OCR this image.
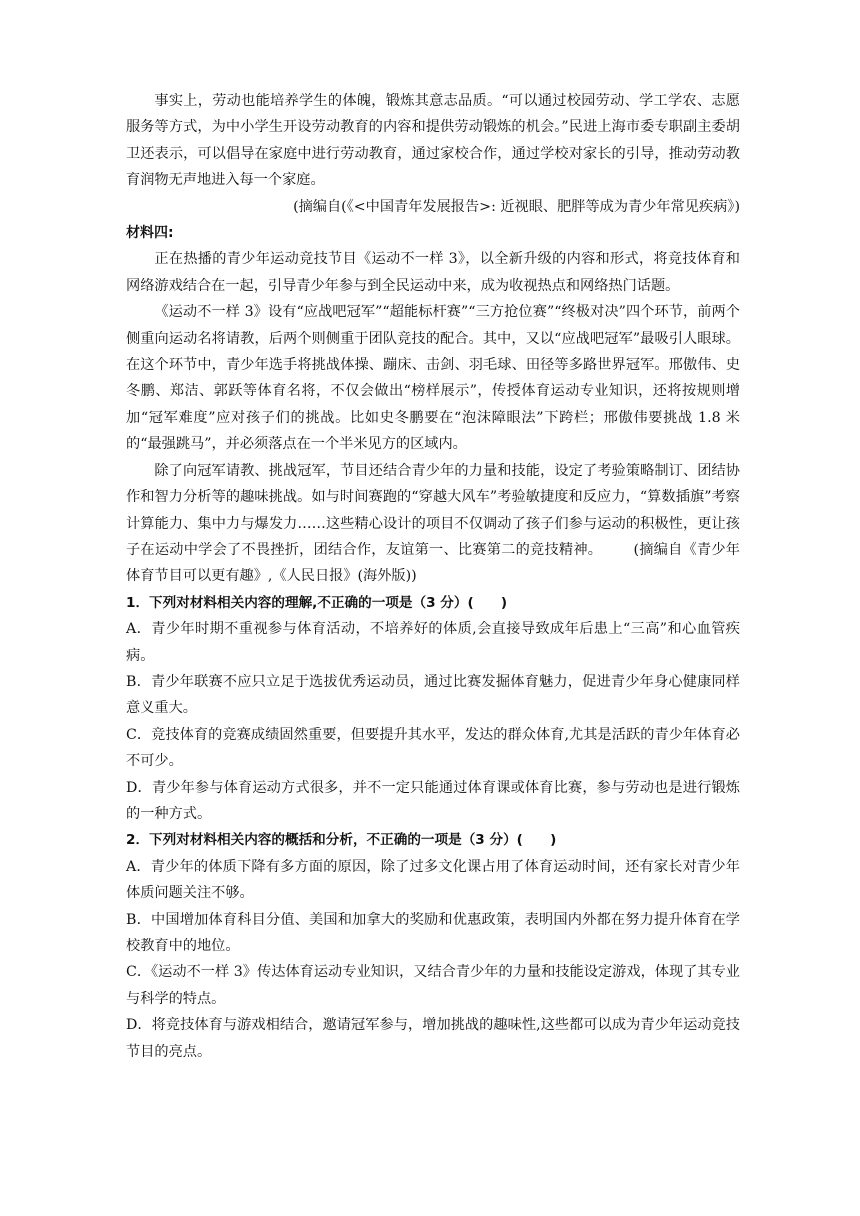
事实上，劳动也能培养学生的体魄，锻炼其意志品质。“可以通过校园劳动、学工学农、志愿服务等方式，为中小学生开设劳动教育的内容和提供劳动锻炼的机会。”民进上海市委专职副主委胡卫还表示，可以倡导在家庭中进行劳动教育，通过家校合作，通过学校对家长的引导，推动劳动教育润物无声地进入每一个家庭。

(摘编自(《<中国青年发展报告>: 近视眼、肥胖等成为青少年常见疾病》)

材料四:

正在热播的青少年运动竞技节目《运动不一样 3》，以全新升级的内容和形式，将竞技体育和网络游戏结合在一起，引导青少年参与到全民运动中来，成为收视热点和网络热门话题。

《运动不一样 3》设有“应战吧冠军”“超能标杆赛”“三方抢位赛”“终极对决”四个环节，前两个侧重向运动名将请教，后两个则侧重于团队竞技的配合。其中，又以“应战吧冠军”最吸引人眼球。在这个环节中，青少年选手将挑战体操、蹦床、击剑、羽毛球、田径等多路世界冠军。邢傲伟、史冬鹏、郑洁、郭跃等体育名将，不仅会做出“榜样展示”，传授体育运动专业知识，还将按规则增加“冠军难度”应对孩子们的挑战。比如史冬鹏要在“泡沫障眼法”下跨栏；邢傲伟要挑战 1.8 米的“最强跳马”，并必须落点在一个半米见方的区域内。

除了向冠军请教、挑战冠军，节目还结合青少年的力量和技能，设定了考验策略制订、团结协作和智力分析等的趣味挑战。如与时间赛跑的“穿越大风车”考验敏捷度和反应力，“算数插旗”考察计算能力、集中力与爆发力……这些精心设计的项目不仅调动了孩子们参与运动的积极性，更让孩子在运动中学会了不畏挫折，团结合作，友谊第一、比赛第二的竞技精神。 (摘编自《青少年体育节目可以更有趣》,《人民日报》(海外版))

1．下列对材料相关内容的理解,不正确的一项是（3 分）(　　)

A．青少年时期不重视参与体育活动，不培养好的体质,会直接导致成年后患上“三高”和心血管疾病。

B．青少年联赛不应只立足于选拔优秀运动员，通过比赛发掘体育魅力，促进青少年身心健康同样意义重大。

C．竞技体育的竞赛成绩固然重要，但要提升其水平，发达的群众体育,尤其是活跃的青少年体育必不可少。

D．青少年参与体育运动方式很多，并不一定只能通过体育课或体育比赛，参与劳动也是进行锻炼的一种方式。

2．下列对材料相关内容的概括和分析，不正确的一项是（3 分）(　　)

A．青少年的体质下降有多方面的原因，除了过多文化课占用了体育运动时间，还有家长对青少年体质问题关注不够。

B．中国增加体育科目分值、美国和加拿大的奖励和优惠政策，表明国内外都在努力提升体育在学校教育中的地位。

C．《运动不一样 3》传达体育运动专业知识，又结合青少年的力量和技能设定游戏，体现了其专业与科学的特点。

D．将竞技体育与游戏相结合，邀请冠军参与，增加挑战的趣味性,这些都可以成为青少年运动竞技节目的亮点。
